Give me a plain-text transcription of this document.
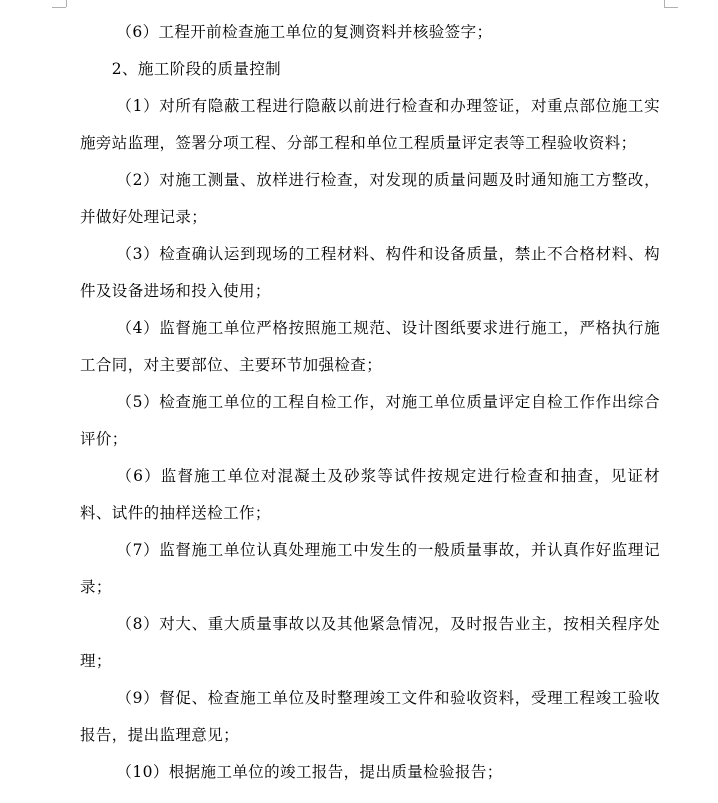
（6）工程开前检查施工单位的复测资料并核验签字；

2、施工阶段的质量控制

（1）对所有隐蔽工程进行隐蔽以前进行检查和办理签证，对重点部位施工实施旁站监理，签署分项工程、分部工程和单位工程质量评定表等工程验收资料；

（2）对施工测量、放样进行检查，对发现的质量问题及时通知施工方整改，并做好处理记录；

（3）检查确认运到现场的工程材料、构件和设备质量，禁止不合格材料、构件及设备进场和投入使用；

（4）监督施工单位严格按照施工规范、设计图纸要求进行施工，严格执行施工合同，对主要部位、主要环节加强检查；

（5）检查施工单位的工程自检工作，对施工单位质量评定自检工作作出综合评价；

（6）监督施工单位对混凝土及砂浆等试件按规定进行检查和抽查，见证材料、试件的抽样送检工作；

（7）监督施工单位认真处理施工中发生的一般质量事故，并认真作好监理记录；

（8）对大、重大质量事故以及其他紧急情况，及时报告业主，按相关程序处理；

（9）督促、检查施工单位及时整理竣工文件和验收资料，受理工程竣工验收报告，提出监理意见；

（10）根据施工单位的竣工报告，提出质量检验报告；
